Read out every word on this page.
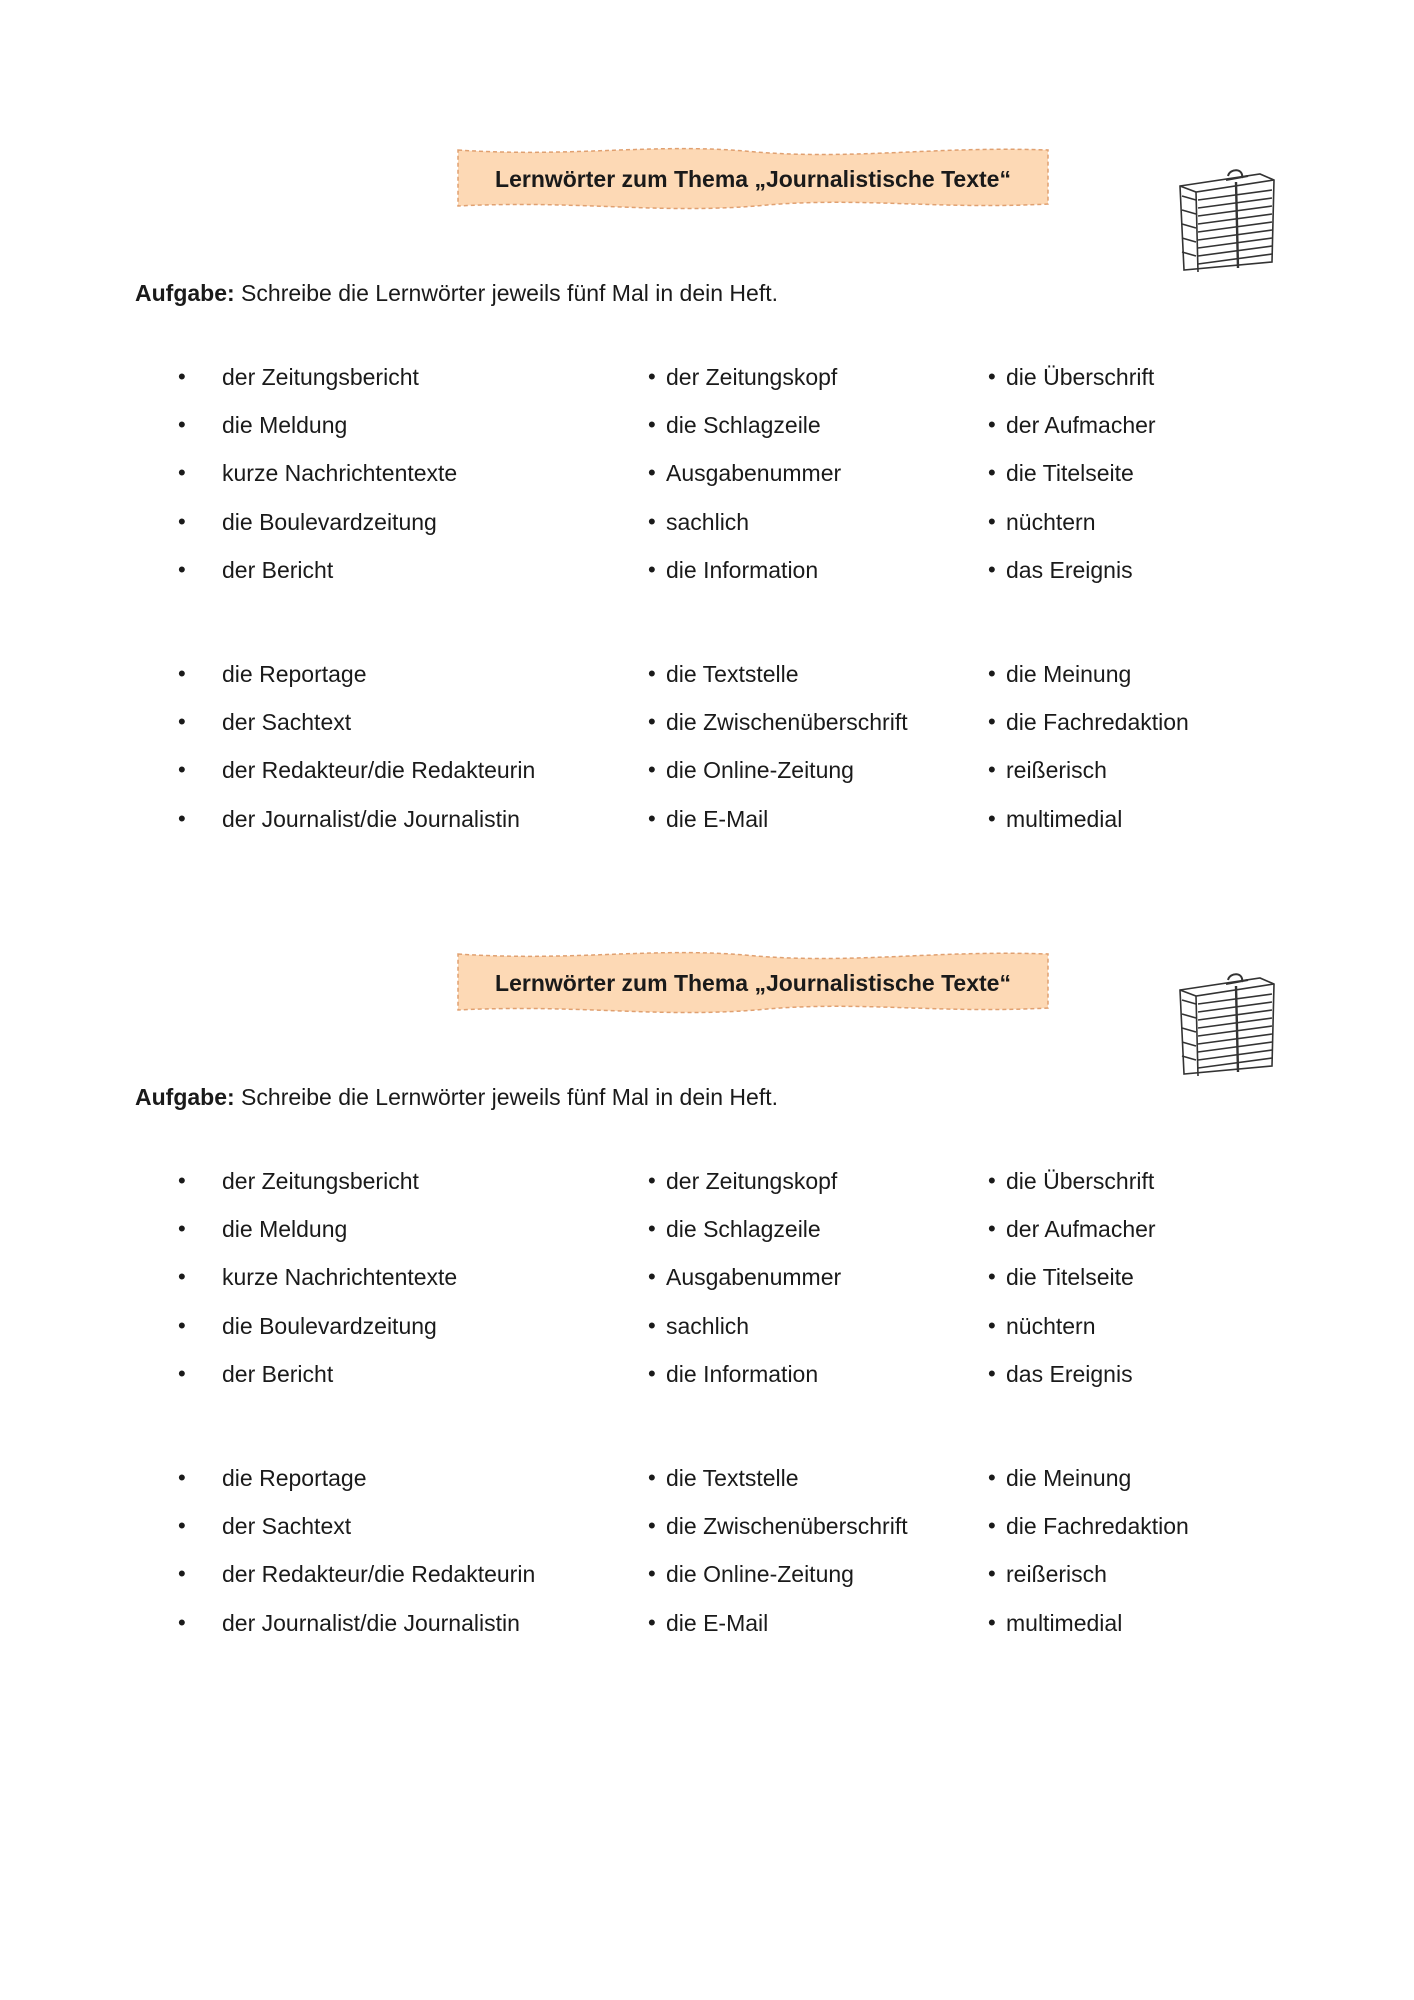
Lernwörter zum Thema „Journalistische Texte“
Aufgabe: Schreibe die Lernwörter jeweils fünf Mal in dein Heft.
• der Zeitungsbericht
• die Meldung
• kurze Nachrichtentexte
• die Boulevardzeitung
• der Bericht
• die Reportage
• der Sachtext
• der Redakteur/die Redakteurin
• der Journalist/die Journalistin
• der Zeitungskopf
• die Schlagzeile
• Ausgabenummer
• sachlich
• die Information
• die Textstelle
• die Zwischenüberschrift
• die Online-Zeitung
• die E-Mail
• die Überschrift
• der Aufmacher
• die Titelseite
• nüchtern
• das Ereignis
• die Meinung
• die Fachredaktion
• reißerisch
• multimedial
Lernwörter zum Thema „Journalistische Texte“
Aufgabe: Schreibe die Lernwörter jeweils fünf Mal in dein Heft.
• der Zeitungsbericht
• die Meldung
• kurze Nachrichtentexte
• die Boulevardzeitung
• der Bericht
• die Reportage
• der Sachtext
• der Redakteur/die Redakteurin
• der Journalist/die Journalistin
• der Zeitungskopf
• die Schlagzeile
• Ausgabenummer
• sachlich
• die Information
• die Textstelle
• die Zwischenüberschrift
• die Online-Zeitung
• die E-Mail
• die Überschrift
• der Aufmacher
• die Titelseite
• nüchtern
• das Ereignis
• die Meinung
• die Fachredaktion
• reißerisch
• multimedial
